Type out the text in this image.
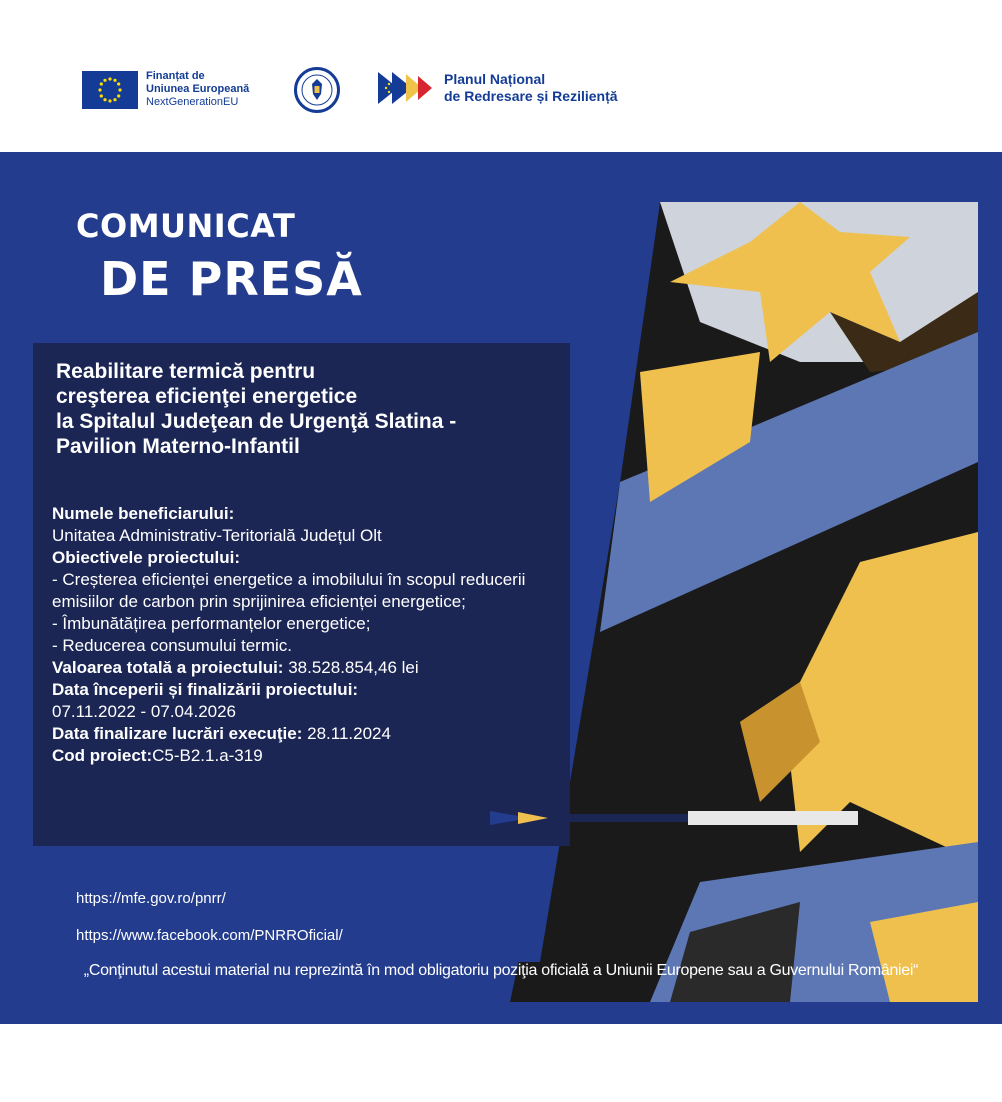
Finanțat de
Uniunea Europeană
NextGenerationEU
Planul Național
de Redresare și Reziliență
COMUNICAT
DE PRESĂ
Reabilitare termică pentru
creşterea eficienţei energetice
la Spitalul Judeţean de Urgenţă Slatina -
Pavilion Materno-Infantil
Numele beneficiarului:
Unitatea Administrativ-Teritorială Județul Olt
Obiectivele proiectului:
- Creșterea eficienței energetice a imobilului în scopul reducerii emisiilor de carbon prin sprijinirea eficienței energetice;
- Îmbunătățirea performanțelor energetice;
- Reducerea consumului termic.
Valoarea totală a proiectului: 38.528.854,46 lei
Data începerii și finalizării proiectului:
07.11.2022 - 07.04.2026
Data finalizare lucrări execuţie: 28.11.2024
Cod proiect:C5-B2.1.a-319
https://mfe.gov.ro/pnrr/
https://www.facebook.com/PNRROficial/
„Conţinutul acestui material nu reprezintă în mod obligatoriu poziţia oficială a Uniunii Europene sau a Guvernului României“
